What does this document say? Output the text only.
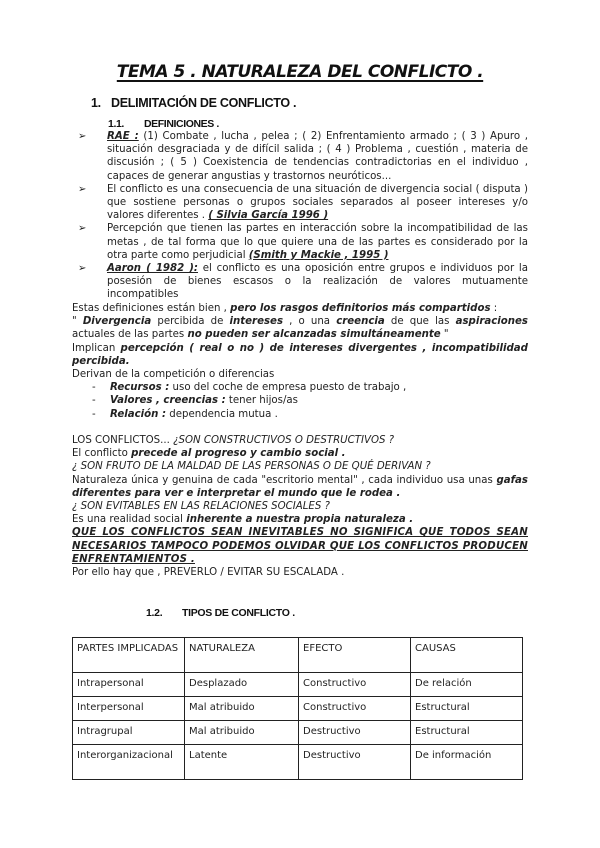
TEMA 5 . NATURALEZA DEL CONFLICTO .
1. DELIMITACIÓN DE CONFLICTO .
1.1. DEFINICIONES .
➢ RAE : (1) Combate , lucha , pelea ; ( 2) Enfrentamiento armado ; ( 3 ) Apuro , situación desgraciada y de difícil salida ; ( 4 ) Problema , cuestión , materia de discusión ; ( 5 ) Coexistencia de tendencias contradictorias en el individuo , capaces de generar angustias y trastornos neuróticos...
➢ El conflicto es una consecuencia de una situación de divergencia social ( disputa ) que sostiene personas o grupos sociales separados al poseer intereses y/o valores diferentes . ( Silvia García 1996 )
➢ Percepción que tienen las partes en interacción sobre la incompatibilidad de las metas , de tal forma que lo que quiere una de las partes es considerado por la otra parte como perjudicial (Smith y Mackie , 1995 )
➢ Aaron ( 1982 ): el conflicto es una oposición entre grupos e individuos por la posesión de bienes escasos o la realización de valores mutuamente incompatibles

Estas definiciones están bien , pero los rasgos definitorios más compartidos :

" Divergencia percibida de intereses , o una creencia de que las aspiraciones actuales de las partes no pueden ser alcanzadas simultáneamente "

Implican percepción ( real o no ) de intereses divergentes , incompatibilidad percibida.

Derivan de la competición o diferencias

- Recursos : uso del coche de empresa puesto de trabajo ,
- Valores , creencias : tener hijos/as
- Relación : dependencia mutua .

LOS CONFLICTOS... ¿SON CONSTRUCTIVOS O DESTRUCTIVOS ?

El conflicto precede al progreso y cambio social .

¿ SON FRUTO DE LA MALDAD DE LAS PERSONAS O DE QUÉ DERIVAN ?

Naturaleza única y genuina de cada "escritorio mental" , cada individuo usa unas gafas diferentes para ver e interpretar el mundo que le rodea .

¿ SON EVITABLES EN LAS RELACIONES SOCIALES ?

Es una realidad social inherente a nuestra propia naturaleza .

QUE LOS CONFLICTOS SEAN INEVITABLES NO SIGNIFICA QUE TODOS SEAN NECESARIOS TAMPOCO PODEMOS OLVIDAR QUE LOS CONFLICTOS PRODUCEN ENFRENTAMIENTOS .

Por ello hay que , PREVERLO / EVITAR SU ESCALADA .

1.2. TIPOS DE CONFLICTO .
PARTES IMPLICADAS	NATURALEZA	EFECTO	CAUSAS
Intrapersonal	Desplazado	Constructivo	De relación
Interpersonal	Mal atribuido	Constructivo	Estructural
Intragrupal	Mal atribuido	Destructivo	Estructural
Interorganizacional	Latente	Destructivo	De información
